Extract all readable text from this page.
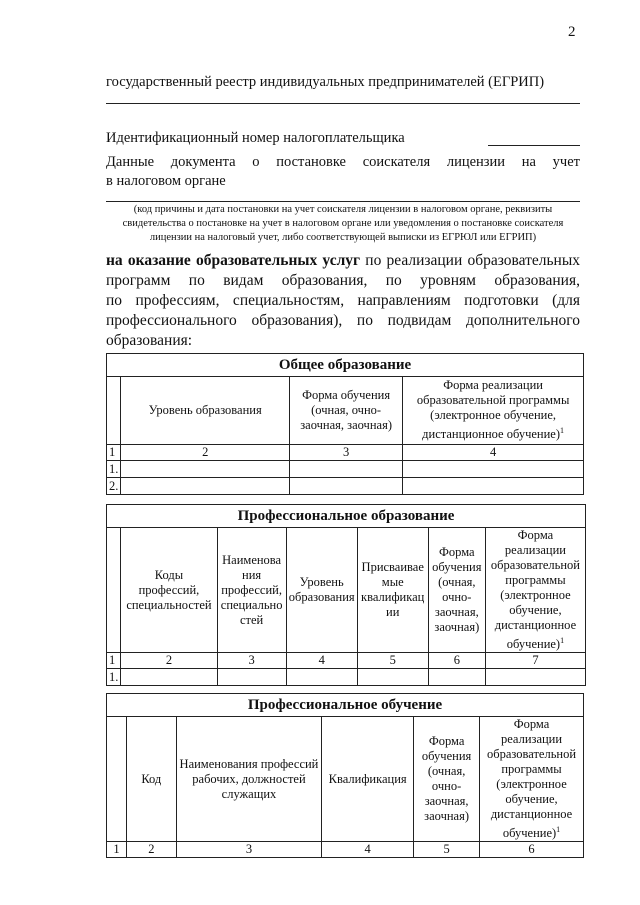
2
государственный реестр индивидуальных предпринимателей (ЕГРИП)
Идентификационный номер налогоплательщика
Данные документа о постановке соискателя лицензии на учет
в налоговом органе
(код причины и дата постановки на учет соискателя лицензии в налоговом органе, реквизиты
свидетельства о постановке на учет в налоговом органе или уведомления о постановке соискателя
лицензии на налоговый учет, либо соответствующей выписки из ЕГРЮЛ или ЕГРИП)
на оказание образовательных услуг по реализации образовательных
программ по видам образования, по уровням образования,
по профессиям, специальностям, направлениям подготовки (для
профессионального образования), по подвидам дополнительного
образования:
Общее образование			
	Уровень образования	Форма обучения (очная, очно-заочная, заочная)	Форма реализации образовательной программы (электронное обучение, дистанционное обучение)$^1$
1	2	3	4
1.			
2.			
Профессиональное образование						
	Коды профессий, специальностей	Наименова ния профессий, специально стей	Уровень образования	Присваивае мые квалификац ии	Форма обучения (очная, очно-заочная, заочная)	Форма реализации образовательной программы (электронное обучение, дистанционное обучение)$^1$
1	2	3	4	5	6	7
1.						
Профессиональное обучение					
	Код	Наименования профессий рабочих, должностей служащих	Квалификация	Форма обучения (очная, очно-заочная, заочная)	Форма реализации образовательной программы (электронное обучение, дистанционное обучение)$^1$
1	2	3	4	5	6
